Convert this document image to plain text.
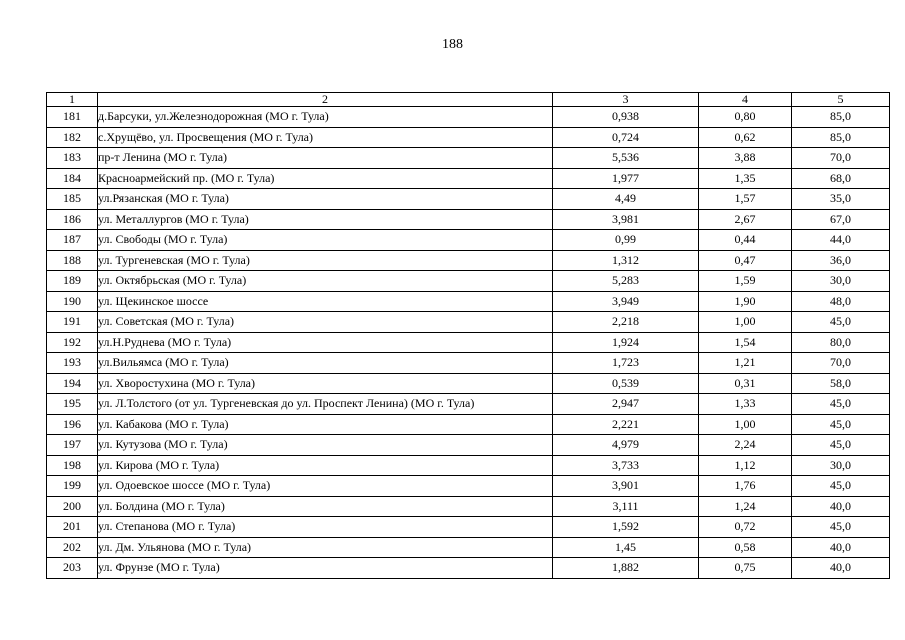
188
1	2	3	4	5
181	д.Барсуки, ул.Железнодорожная (МО г. Тула)	0,938	0,80	85,0
182	с.Хрущёво, ул. Просвещения (МО г. Тула)	0,724	0,62	85,0
183	пр-т Ленина (МО г. Тула)	5,536	3,88	70,0
184	Красноармейский пр. (МО г. Тула)	1,977	1,35	68,0
185	ул.Рязанская (МО г. Тула)	4,49	1,57	35,0
186	ул. Металлургов (МО г. Тула)	3,981	2,67	67,0
187	ул. Свободы (МО г. Тула)	0,99	0,44	44,0
188	ул. Тургеневская (МО г. Тула)	1,312	0,47	36,0
189	ул. Октябрьская (МО г. Тула)	5,283	1,59	30,0
190	ул. Щекинское шоссе	3,949	1,90	48,0
191	ул. Советская (МО г. Тула)	2,218	1,00	45,0
192	ул.Н.Руднева (МО г. Тула)	1,924	1,54	80,0
193	ул.Вильямса (МО г. Тула)	1,723	1,21	70,0
194	ул. Хворостухина (МО г. Тула)	0,539	0,31	58,0
195	ул. Л.Толстого (от ул. Тургеневская до ул. Проспект Ленина) (МО г. Тула)	2,947	1,33	45,0
196	ул. Кабакова (МО г. Тула)	2,221	1,00	45,0
197	ул. Кутузова (МО г. Тула)	4,979	2,24	45,0
198	ул. Кирова (МО г. Тула)	3,733	1,12	30,0
199	ул. Одоевское шоссе (МО г. Тула)	3,901	1,76	45,0
200	ул. Болдина (МО г. Тула)	3,111	1,24	40,0
201	ул. Степанова (МО г. Тула)	1,592	0,72	45,0
202	ул. Дм. Ульянова (МО г. Тула)	1,45	0,58	40,0
203	ул. Фрунзе (МО г. Тула)	1,882	0,75	40,0
